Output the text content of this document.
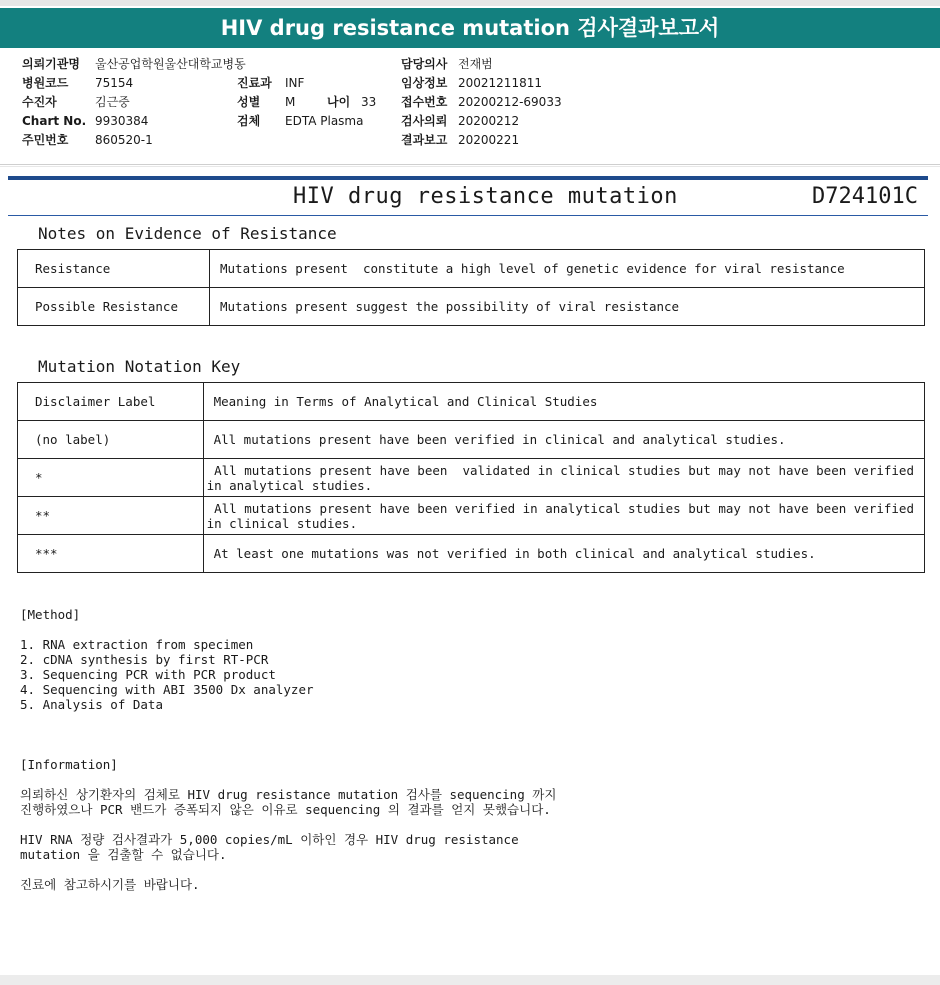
HIV drug resistance mutation 검사결과보고서
의뢰기관명 울산공업학원울산대학교병동
병원코드 75154
수진자	김근중
Chart No. 9930384
주민번호 860520-1
진료과 INF
성별 M	나이 33
검체 EDTA Plasma
담당의사 전재범
임상정보 20021211811
접수번호 20200212-69033
검사의뢰 20200212
결과보고 20200221
HIV drug resistance mutation	D724101C
Notes on Evidence of Resistance
Resistance	Mutations present  constitute a high level of genetic evidence for viral resistance
Possible Resistance	Mutations present suggest the possibility of viral resistance
Mutation Notation Key
Disclaimer Label	Meaning in Terms of Analytical and Clinical Studies
(no label)	All mutations present have been verified in clinical and analytical studies.
*	All mutations present have been  validated in clinical studies but may not have been verified
in analytical studies.

**	All mutations present have been verified in analytical studies but may not have been verified
in clinical studies.

***	At least one mutations was not verified in both clinical and analytical studies.
[Method]
1. RNA extraction from specimen
2. cDNA synthesis by first RT-PCR
3. Sequencing PCR with PCR product
4. Sequencing with ABI 3500 Dx analyzer
5. Analysis of Data
[Information]
의뢰하신 상기환자의 검체로 HIV drug resistance mutation 검사를 sequencing 까지
진행하였으나 PCR 밴드가 증폭되지 않은 이유로 sequencing 의 결과를 얻지 못했습니다.
HIV RNA 정량 검사결과가 5,000 copies/mL 이하인 경우 HIV drug resistance
mutation 을 검출할 수 없습니다.
진료에 참고하시기를 바랍니다.
